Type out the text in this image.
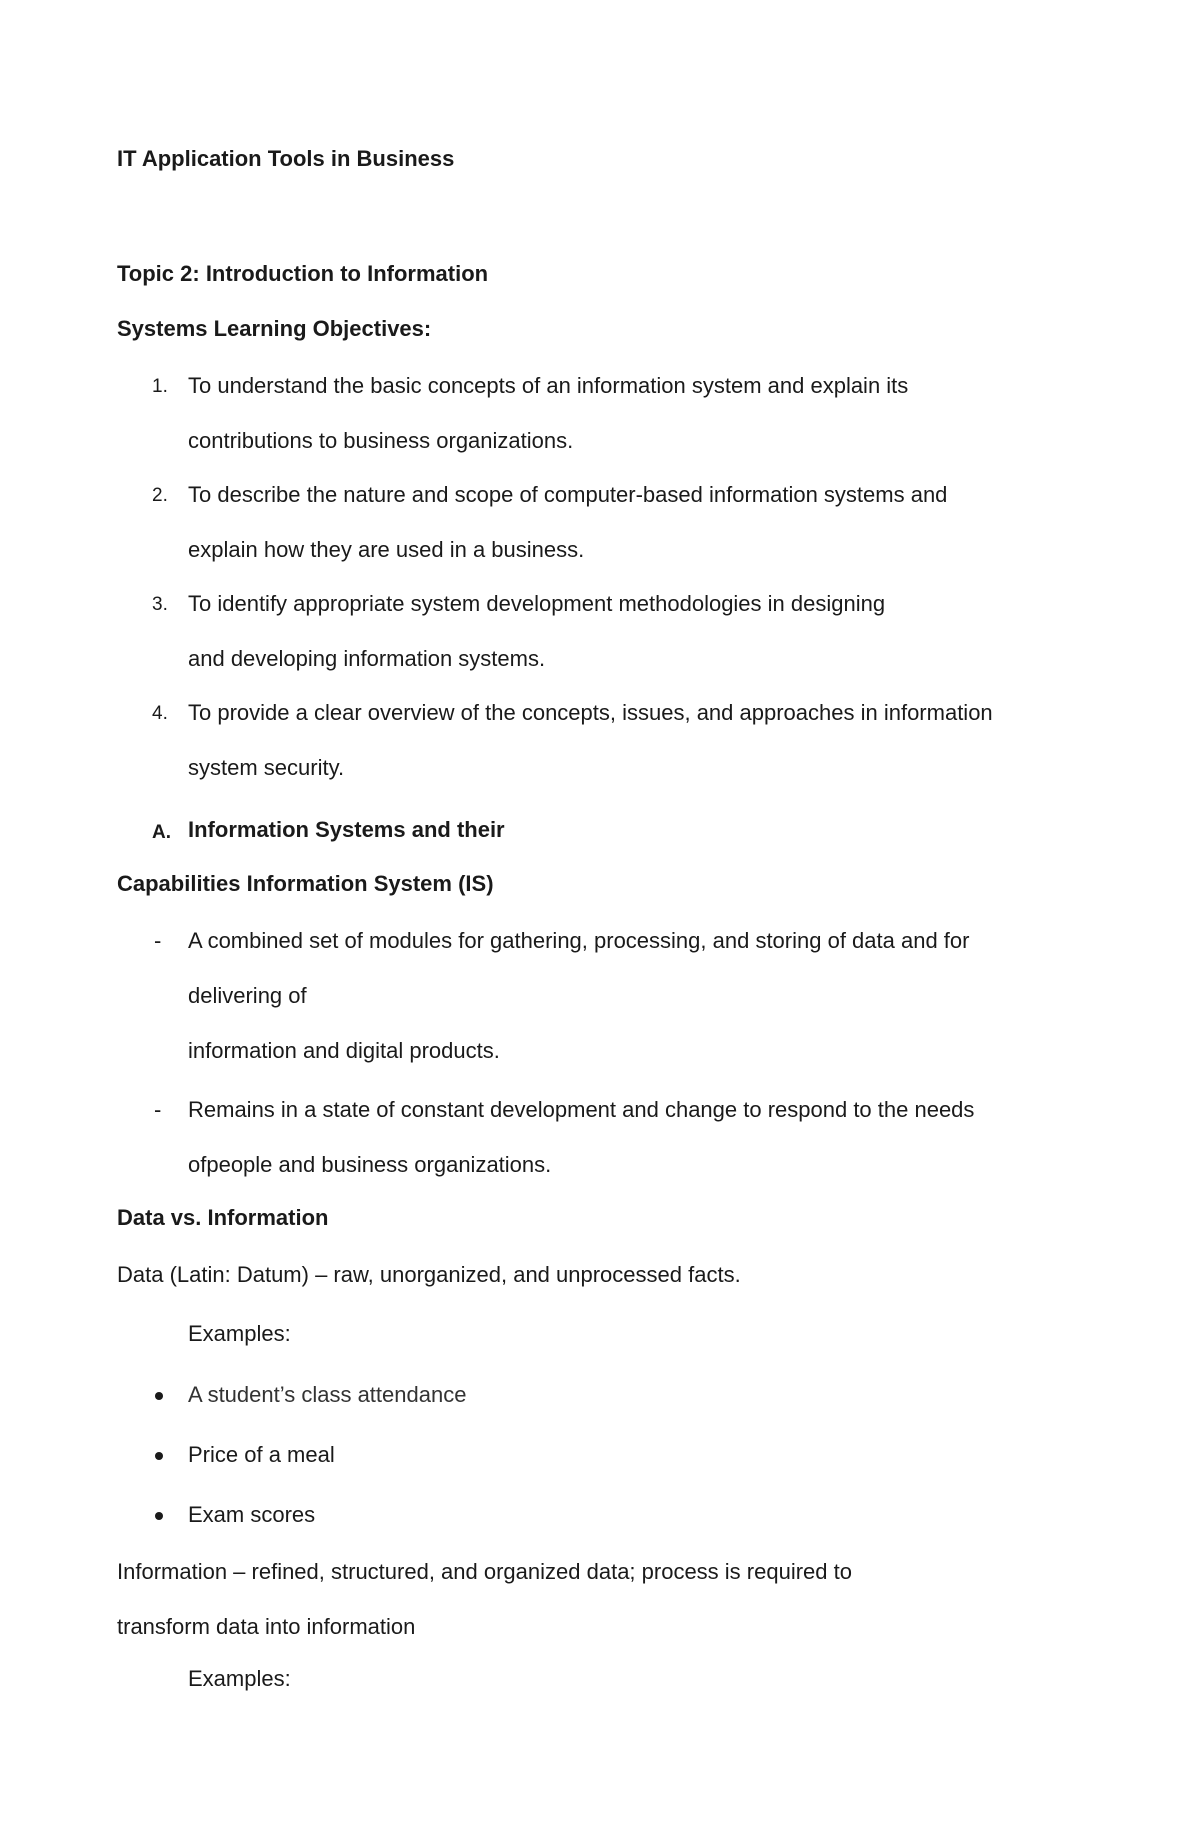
IT Application Tools in Business
Topic 2: Introduction to Information
Systems Learning Objectives:
1. To understand the basic concepts of an information system and explain its
contributions to business organizations.
2. To describe the nature and scope of computer-based information systems and
explain how they are used in a business.
3. To identify appropriate system development methodologies in designing
and developing information systems.
4. To provide a clear overview of the concepts, issues, and approaches in information
system security.
A. Information Systems and their
Capabilities Information System (IS)
- A combined set of modules for gathering, processing, and storing of data and for
delivering of
information and digital products.
- Remains in a state of constant development and change to respond to the needs
ofpeople and business organizations.
Data vs. Information
Data (Latin: Datum) – raw, unorganized, and unprocessed facts.
Examples:
A student’s class attendance
Price of a meal
Exam scores
Information – refined, structured, and organized data; process is required to
transform data into information
Examples:
